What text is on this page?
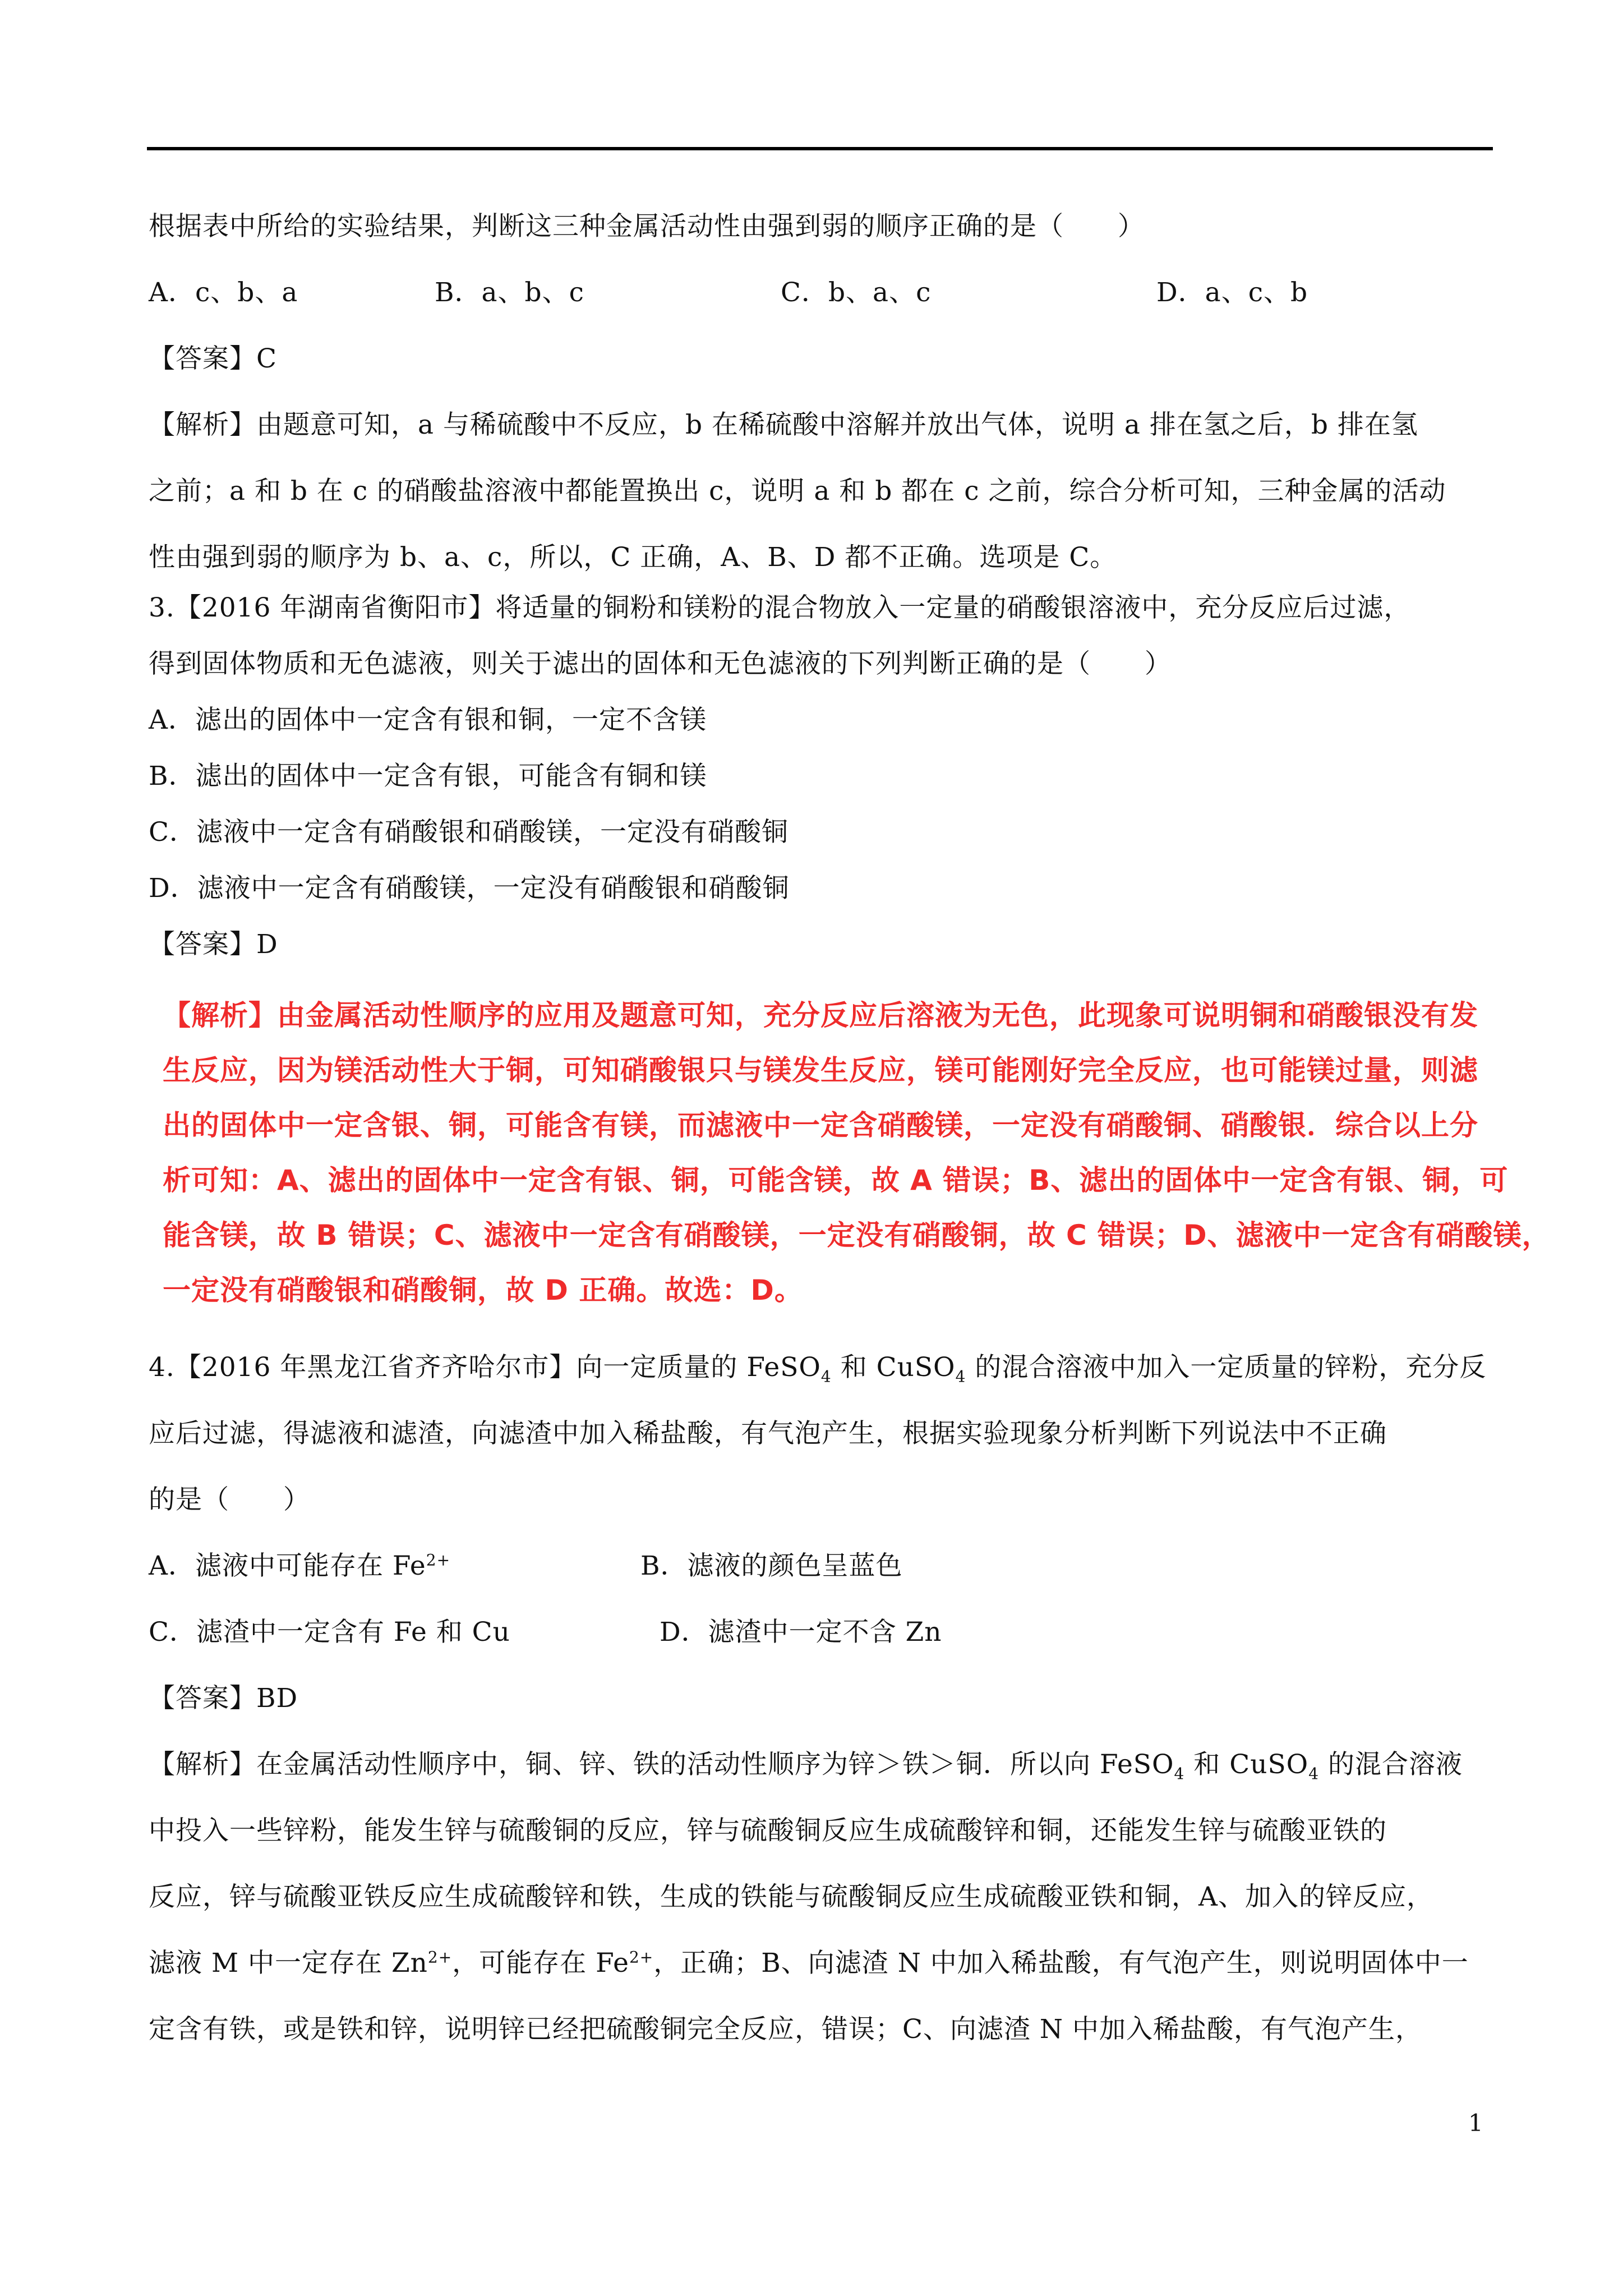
根据表中所给的实验结果，判断这三种金属活动性由强到弱的顺序正确的是（　　）
A．c、b、a	B．a、b、c	C．b、a、c	D．a、c、b
【答案】C
【解析】由题意可知，a 与稀硫酸中不反应，b 在稀硫酸中溶解并放出气体，说明 a 排在氢之后，b 排在氢
之前；a 和 b 在 c 的硝酸盐溶液中都能置换出 c，说明 a 和 b 都在 c 之前，综合分析可知，三种金属的活动
性由强到弱的顺序为 b、a、c，所以，C 正确，A、B、D 都不正确。选项是 C。
3.【2016 年湖南省衡阳市】将适量的铜粉和镁粉的混合物放入一定量的硝酸银溶液中，充分反应后过滤，
得到固体物质和无色滤液，则关于滤出的固体和无色滤液的下列判断正确的是（　　）
A．滤出的固体中一定含有银和铜，一定不含镁
B．滤出的固体中一定含有银，可能含有铜和镁
C．滤液中一定含有硝酸银和硝酸镁，一定没有硝酸铜
D．滤液中一定含有硝酸镁，一定没有硝酸银和硝酸铜
【答案】D
【解析】由金属活动性顺序的应用及题意可知，充分反应后溶液为无色，此现象可说明铜和硝酸银没有发
生反应，因为镁活动性大于铜，可知硝酸银只与镁发生反应，镁可能刚好完全反应，也可能镁过量，则滤
出的固体中一定含银、铜，可能含有镁，而滤液中一定含硝酸镁，一定没有硝酸铜、硝酸银．综合以上分
析可知：A、滤出的固体中一定含有银、铜，可能含镁，故 A 错误；B、滤出的固体中一定含有银、铜，可
能含镁，故 B 错误；C、滤液中一定含有硝酸镁，一定没有硝酸铜，故 C 错误；D、滤液中一定含有硝酸镁，
一定没有硝酸银和硝酸铜，故 D 正确。故选：D。
4.【2016 年黑龙江省齐齐哈尔市】向一定质量的 FeSO$_4$ 和 CuSO$_4$ 的混合溶液中加入一定质量的锌粉，充分反
应后过滤，得滤液和滤渣，向滤渣中加入稀盐酸，有气泡产生，根据实验现象分析判断下列说法中不正确
的是（　　）
A．滤液中可能存在 $Fe^{2+}$	B．滤液的颜色呈蓝色
C．滤渣中一定含有 Fe 和 Cu	D．滤渣中一定不含 Zn
【答案】BD
【解析】在金属活动性顺序中，铜、锌、铁的活动性顺序为锌＞铁＞铜．所以向 FeSO$_4$ 和 CuSO$_4$ 的混合溶液
中投入一些锌粉，能发生锌与硫酸铜的反应，锌与硫酸铜反应生成硫酸锌和铜，还能发生锌与硫酸亚铁的
反应，锌与硫酸亚铁反应生成硫酸锌和铁，生成的铁能与硫酸铜反应生成硫酸亚铁和铜，A、加入的锌反应，
滤液 M 中一定存在 $Zn^{2+}$，可能存在 $Fe^{2+}$，正确；B、向滤渣 N 中加入稀盐酸，有气泡产生，则说明固体中一
定含有铁，或是铁和锌，说明锌已经把硫酸铜完全反应，错误；C、向滤渣 N 中加入稀盐酸，有气泡产生，
1
